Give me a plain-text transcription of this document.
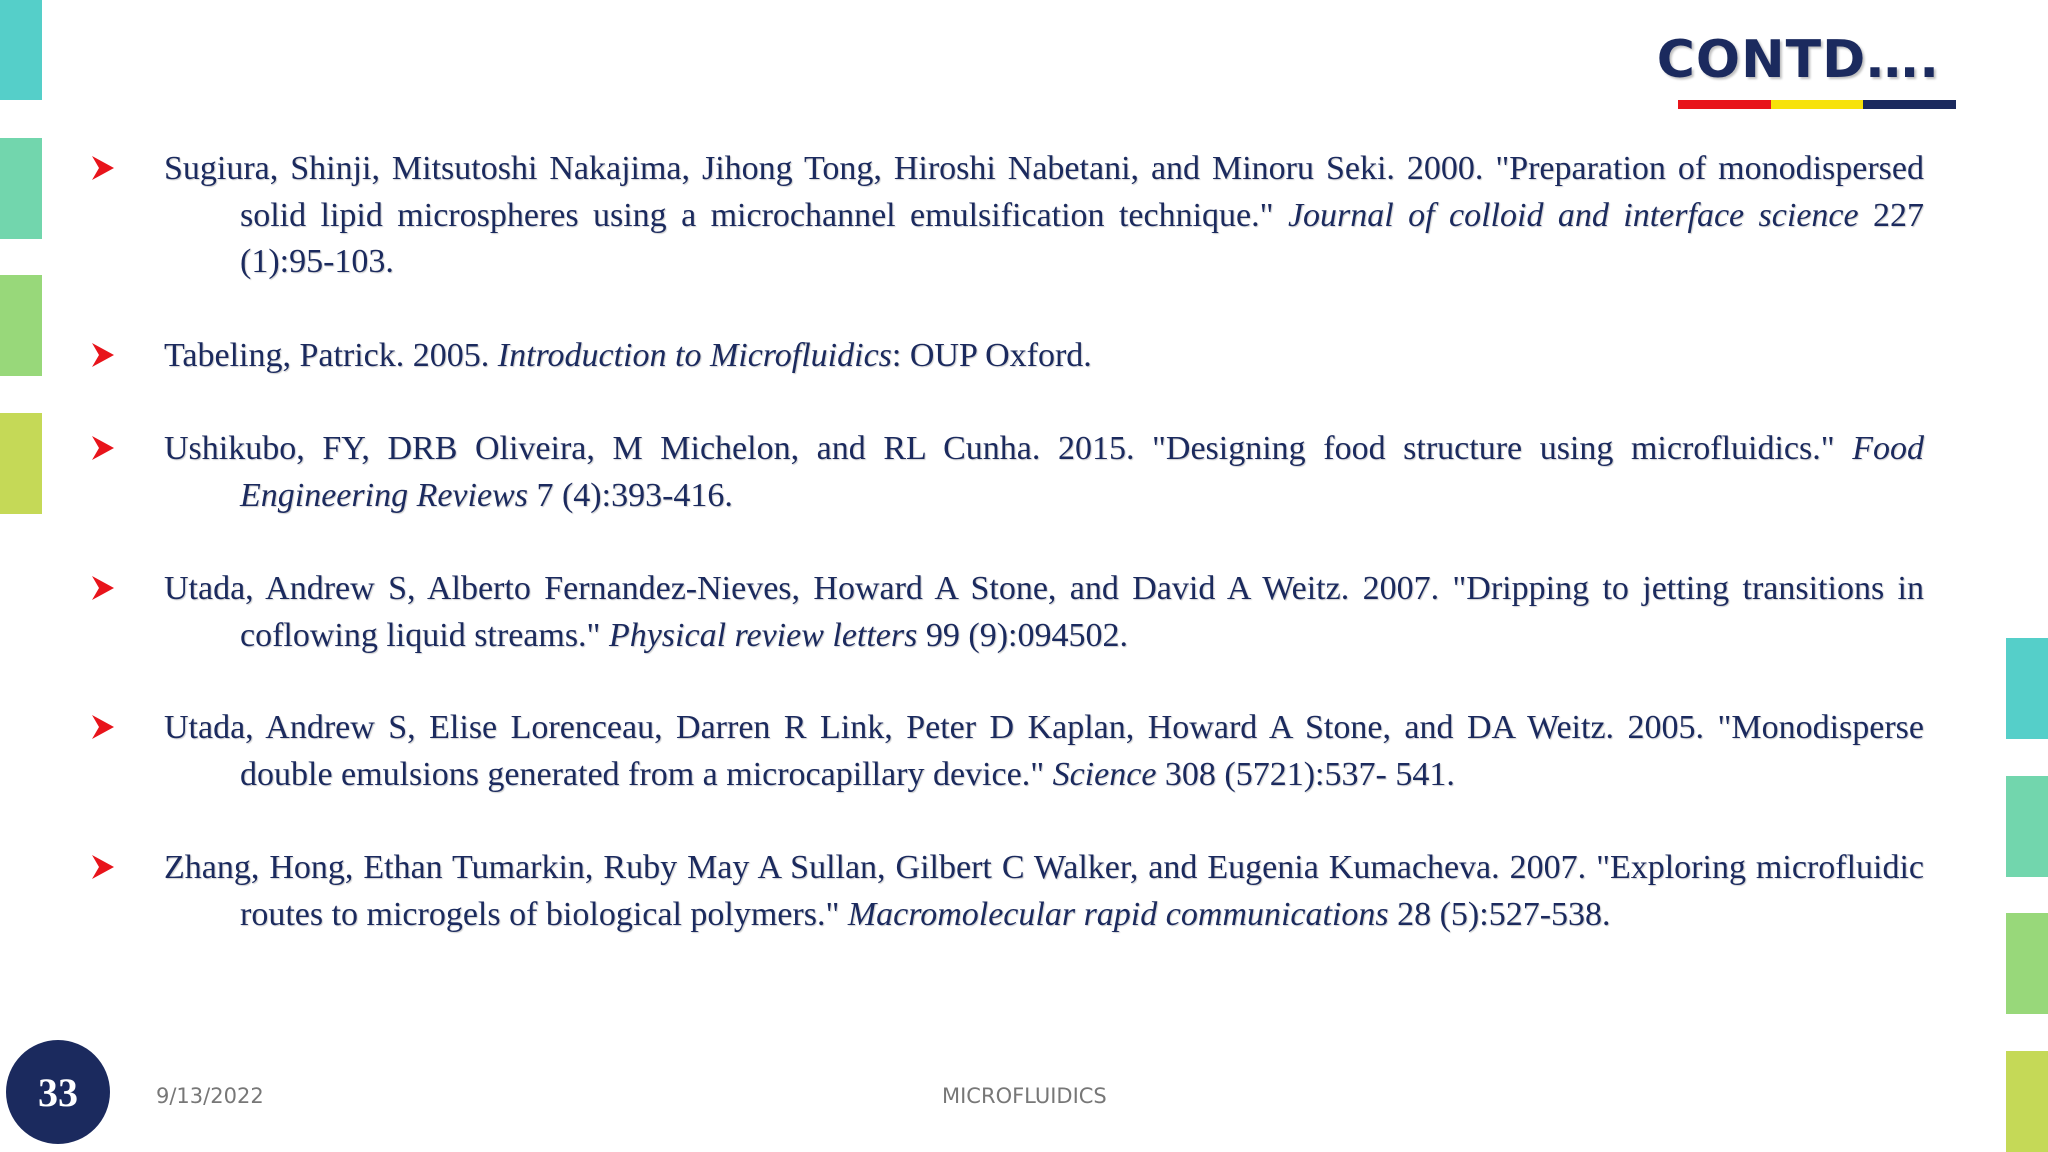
CONTD….
Sugiura, Shinji, Mitsutoshi Nakajima, Jihong Tong, Hiroshi Nabetani, and Minoru Seki. 2000. "Preparation of monodispersed solid lipid microspheres using a microchannel emulsification technique." Journal of colloid and interface science 227 (1):95-103.
Tabeling, Patrick. 2005. Introduction to Microfluidics: OUP Oxford.
Ushikubo, FY, DRB Oliveira, M Michelon, and RL Cunha. 2015. "Designing food structure using microfluidics." Food Engineering Reviews 7 (4):393-416.
Utada, Andrew S, Alberto Fernandez-Nieves, Howard A Stone, and David A Weitz. 2007. "Dripping to jetting transitions in coflowing liquid streams." Physical review letters 99 (9):094502.
Utada, Andrew S, Elise Lorenceau, Darren R Link, Peter D Kaplan, Howard A Stone, and DA Weitz. 2005. "Monodisperse double emulsions generated from a microcapillary device." Science 308 (5721):537- 541.
Zhang, Hong, Ethan Tumarkin, Ruby May A Sullan, Gilbert C Walker, and Eugenia Kumacheva. 2007. "Exploring microfluidic routes to microgels of biological polymers." Macromolecular rapid communications 28 (5):527-538.
33	9/13/2022	MICROFLUIDICS
